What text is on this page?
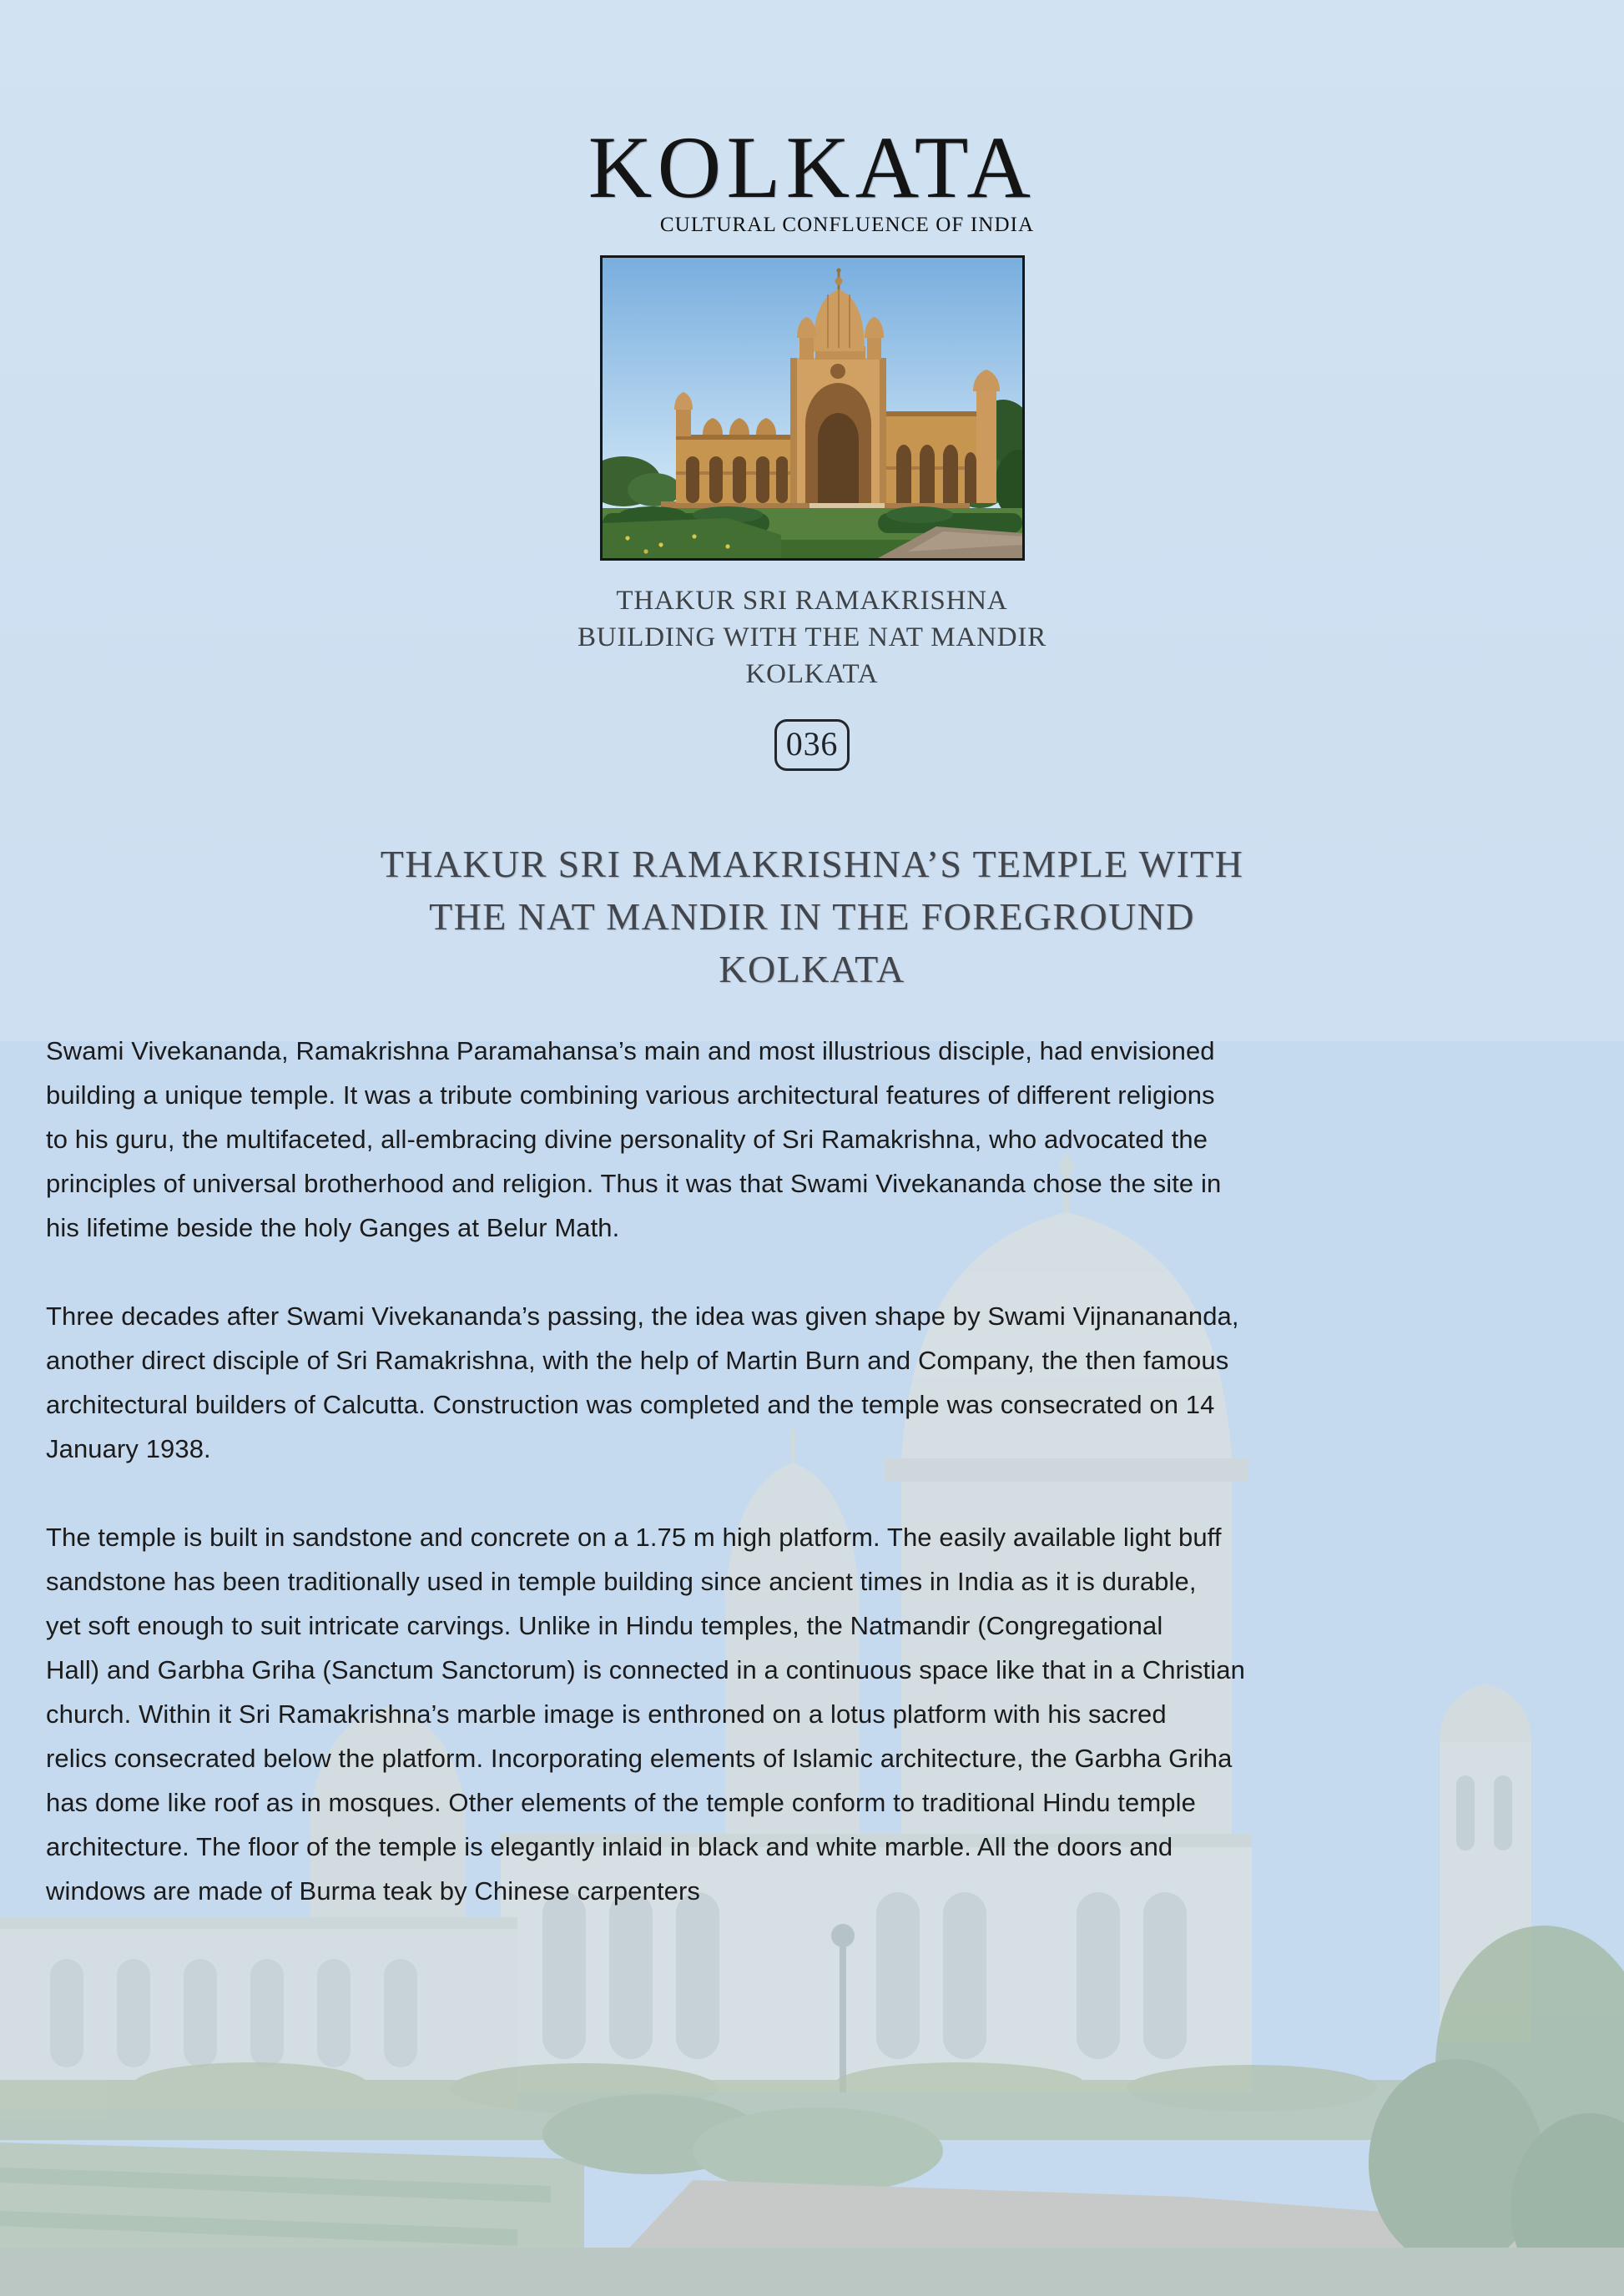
KOLKATA
CULTURAL CONFLUENCE OF INDIA
THAKUR SRI RAMAKRISHNA
BUILDING WITH THE NAT MANDIR
KOLKATA
036
THAKUR SRI RAMAKRISHNA’S TEMPLE WITH
THE NAT MANDIR IN THE FOREGROUND
KOLKATA
Swami Vivekananda, Ramakrishna Paramahansa’s main and most illustrious disciple, had envisioned
building a unique temple. It was a tribute combining various architectural features of different religions
to his guru, the multifaceted, all-embracing divine personality of Sri Ramakrishna, who advocated the
principles of universal brotherhood and religion. Thus it was that Swami Vivekananda chose the site in
his lifetime beside the holy Ganges at Belur Math.
Three decades after Swami Vivekananda’s passing, the idea was given shape by Swami Vijnanananda,
another direct disciple of Sri Ramakrishna, with the help of Martin Burn and Company, the then famous
architectural builders of Calcutta. Construction was completed and the temple was consecrated on 14
January 1938.
The temple is built in sandstone and concrete on a 1.75 m high platform. The easily available light buff
sandstone has been traditionally used in temple building since ancient times in India as it is durable,
yet soft enough to suit intricate carvings. Unlike in Hindu temples, the Natmandir (Congregational
Hall) and Garbha Griha (Sanctum Sanctorum) is connected in a continuous space like that in a Christian
church. Within it Sri Ramakrishna’s marble image is enthroned on a lotus platform with his sacred
relics consecrated below the platform. Incorporating elements of Islamic architecture, the Garbha Griha
has dome like roof as in mosques. Other elements of the temple conform to traditional Hindu temple
architecture. The floor of the temple is elegantly inlaid in black and white marble. All the doors and
windows are made of Burma teak by Chinese carpenters
